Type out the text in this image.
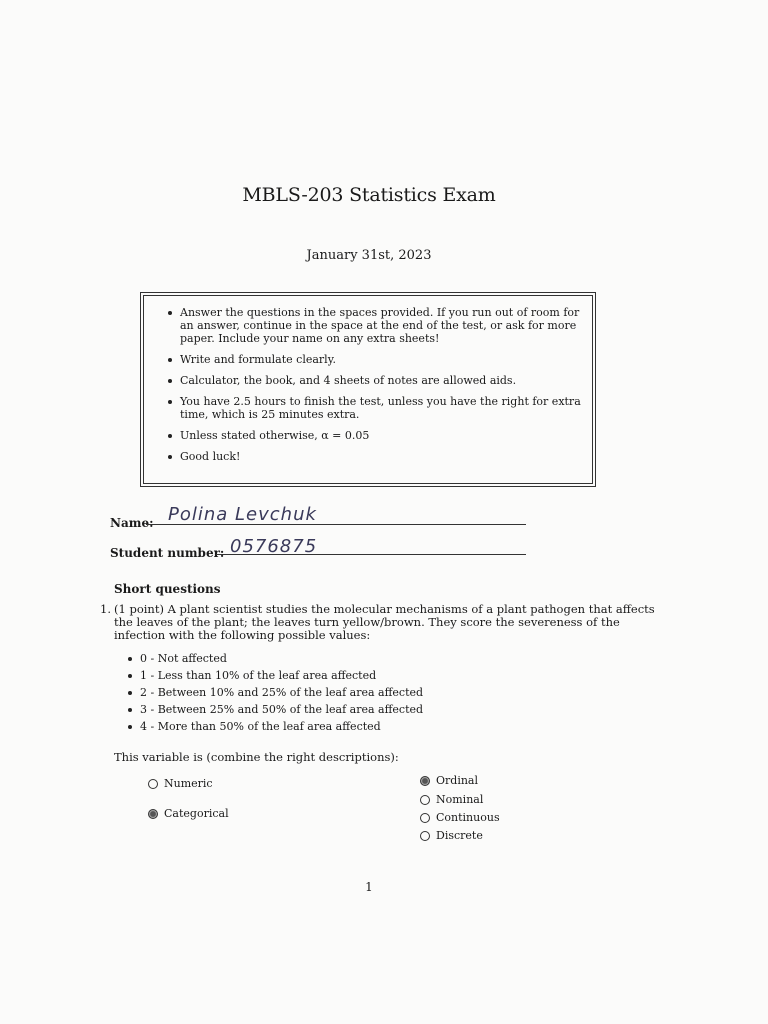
MBLS-203 Statistics Exam
January 31st, 2023
Answer the questions in the spaces provided. If you run out of room for an answer, continue in the space at the end of the test, or ask for more paper. Include your name on any extra sheets!
Write and formulate clearly.
Calculator, the book, and 4 sheets of notes are allowed aids.
You have 2.5 hours to finish the test, unless you have the right for extra time, which is 25 minutes extra.
Unless stated otherwise, α = 0.05
Good luck!
Name: Polina Levchuk
Student number: 0576875
Short questions
1. (1 point) A plant scientist studies the molecular mechanisms of a plant pathogen that affects the leaves of the plant; the leaves turn yellow/brown. They score the severeness of the infection with the following possible values:
0 - Not affected
1 - Less than 10% of the leaf area affected
2 - Between 10% and 25% of the leaf area affected
3 - Between 25% and 50% of the leaf area affected
4 - More than 50% of the leaf area affected
This variable is (combine the right descriptions):
Numeric
Categorical
Ordinal
Nominal
Continuous
Discrete
1
